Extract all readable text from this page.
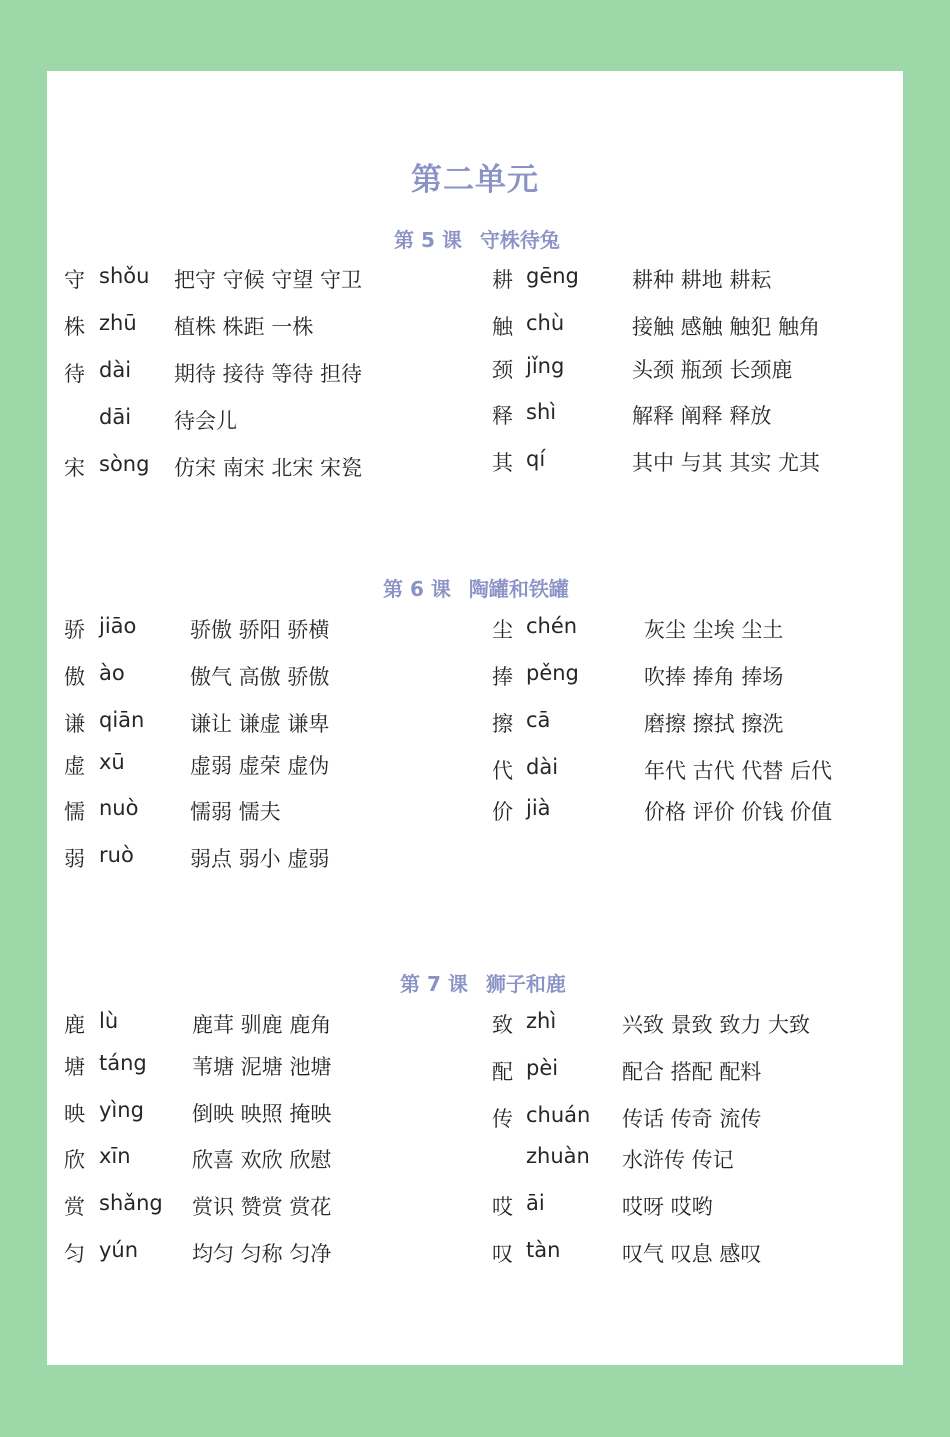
第二单元
第 5 课 守株待兔
守 shǒu 把守 守候 守望 守卫
株 zhū 植株 株距 一株
待 dài 期待 接待 等待 担待
dāi 待会儿
宋 sòng 仿宋 南宋 北宋 宋瓷
耕 gēng	耕种 耕地 耕耘
触 chù	接触 感触 触犯 触角
颈 jǐng	头颈 瓶颈 长颈鹿
释 shì	解释 阐释 释放
其 qí	其中 与其 其实 尤其
第 6 课 陶罐和铁罐
骄 jiāo	骄傲 骄阳 骄横
傲 ào	傲气 高傲 骄傲
谦 qiān 谦让 谦虚 谦卑
虚 xū	虚弱 虚荣 虚伪
懦 nuò 懦弱 懦夫
弱 ruò	弱点 弱小 虚弱
尘 chén	灰尘 尘埃 尘土
捧 pěng	吹捧 捧角 捧场
擦 cā	磨擦 擦拭 擦洗
代 dài	年代 古代 代替 后代
价 jià	价格 评价 价钱 价值
第 7 课 狮子和鹿
鹿 lù	鹿茸 驯鹿 鹿角
塘 táng 苇塘 泥塘 池塘
映 yìng 倒映 映照 掩映
欣 xīn	欣喜 欢欣 欣慰
赏 shǎng 赏识 赞赏 赏花
匀 yún	均匀 匀称 匀净
致 zhì	兴致 景致 致力 大致
配 pèi	配合 搭配 配料
传 chuán 传话 传奇 流传
zhuàn 水浒传 传记
哎 āi	哎呀 哎哟
叹 tàn	叹气 叹息 感叹
